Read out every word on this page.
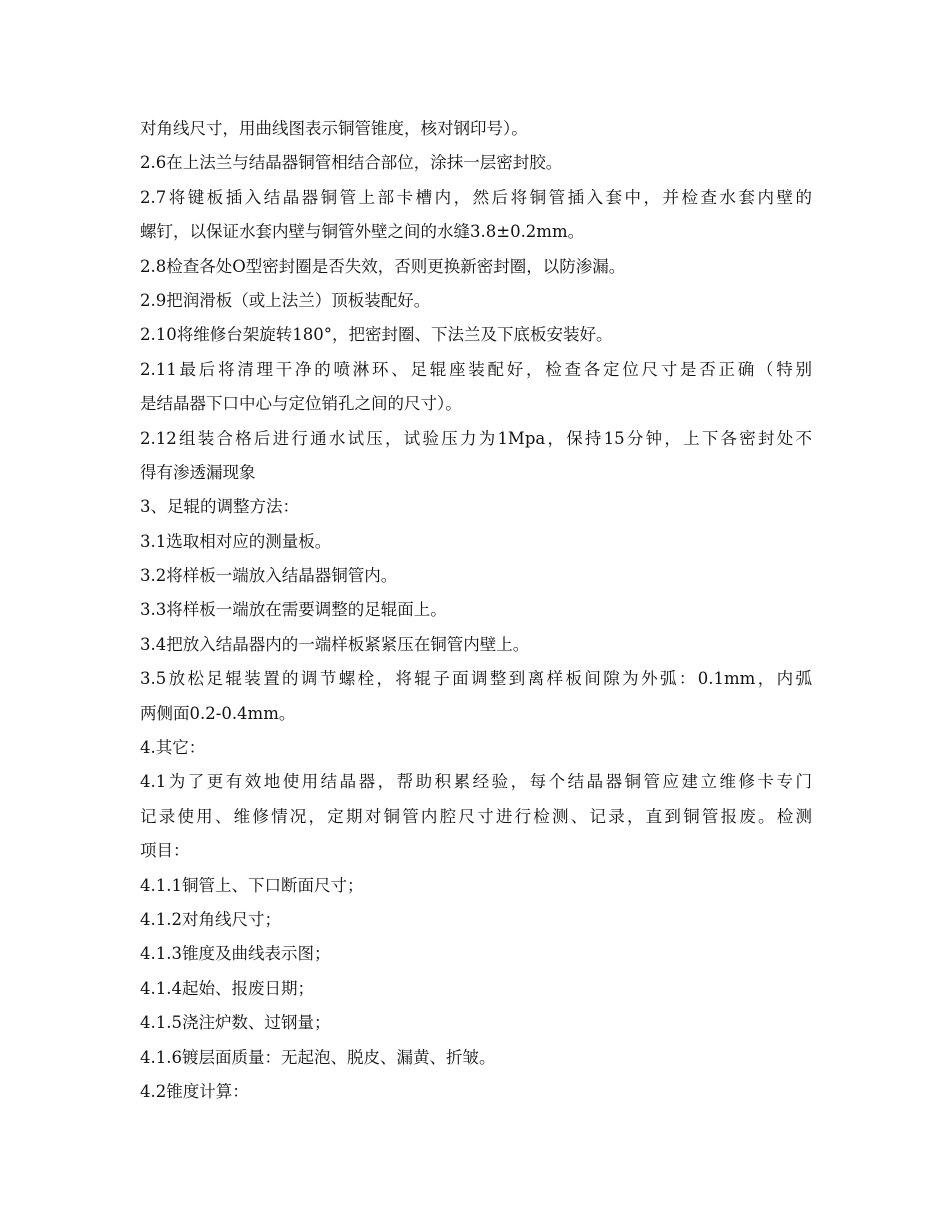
对角线尺寸，用曲线图表示铜管锥度，核对钢印号）。
2.6在上法兰与结晶器铜管相结合部位，涂抹一层密封胶。
2.7将键板插入结晶器铜管上部卡槽内，然后将铜管插入套中，并检查水套内壁的
螺钉，以保证水套内壁与铜管外壁之间的水缝3.8±0.2mm。
2.8检查各处O型密封圈是否失效，否则更换新密封圈，以防渗漏。
2.9把润滑板（或上法兰）顶板装配好。
2.10将维修台架旋转180°，把密封圈、下法兰及下底板安装好。
2.11最后将清理干净的喷淋环、足辊座装配好，检查各定位尺寸是否正确（特别
是结晶器下口中心与定位销孔之间的尺寸）。
2.12组装合格后进行通水试压，试验压力为1Mpa，保持15分钟，上下各密封处不
得有渗透漏现象
3、足辊的调整方法：
3.1选取相对应的测量板。
3.2将样板一端放入结晶器铜管内。
3.3将样板一端放在需要调整的足辊面上。
3.4把放入结晶器内的一端样板紧紧压在铜管内壁上。
3.5放松足辊装置的调节螺栓，将辊子面调整到离样板间隙为外弧：0.1mm，内弧
两侧面0.2-0.4mm。
4.其它：
4.1为了更有效地使用结晶器，帮助积累经验，每个结晶器铜管应建立维修卡专门
记录使用、维修情况，定期对铜管内腔尺寸进行检测、记录，直到铜管报废。检测
项目：
4.1.1铜管上、下口断面尺寸；
4.1.2对角线尺寸；
4.1.3锥度及曲线表示图；
4.1.4起始、报废日期；
4.1.5浇注炉数、过钢量；
4.1.6镀层面质量：无起泡、脱皮、漏黄、折皱。
4.2锥度计算：
